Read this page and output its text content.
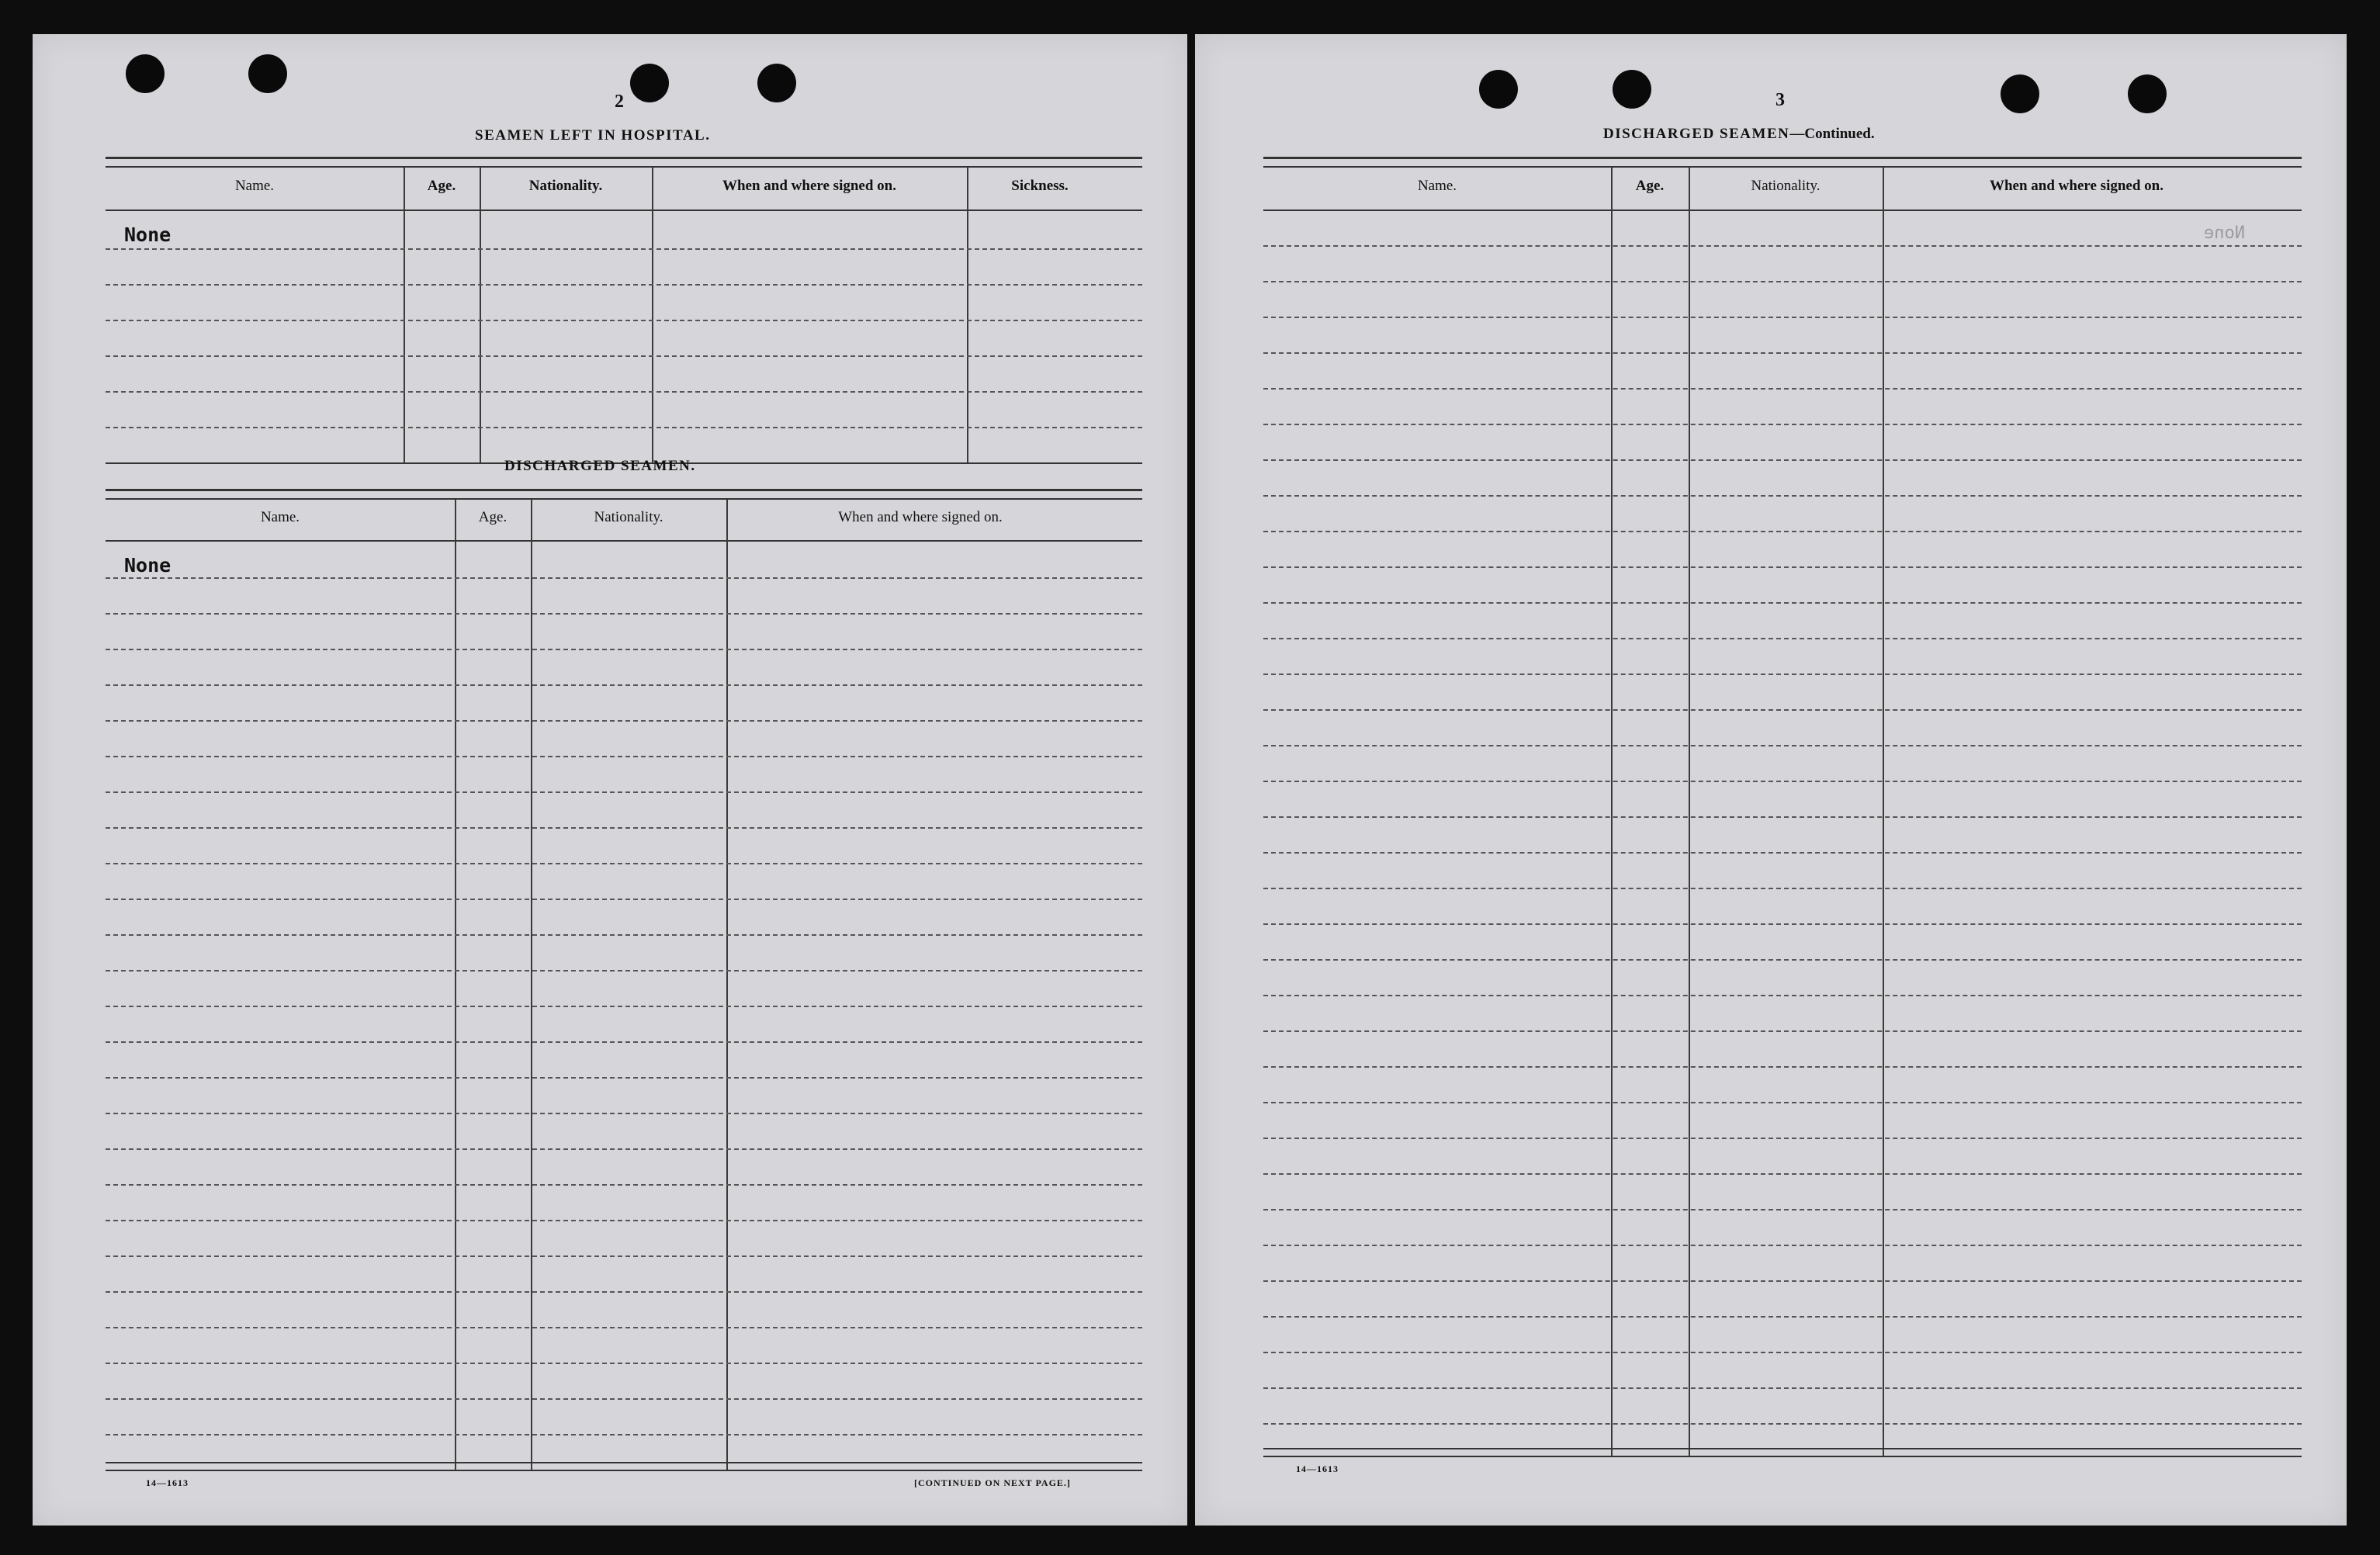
2
SEAMEN LEFT IN HOSPITAL.
Name.	Age.	Nationality.	When and where signed on.	Sickness.
None
DISCHARGED SEAMEN.
Name.	Age.	Nationality.	When and where signed on.
None
14—1613	[CONTINUED ON NEXT PAGE.]
3
DISCHARGED SEAMEN—Continued.
Name.	Age.	Nationality.	When and where signed on.
None
14—1613
